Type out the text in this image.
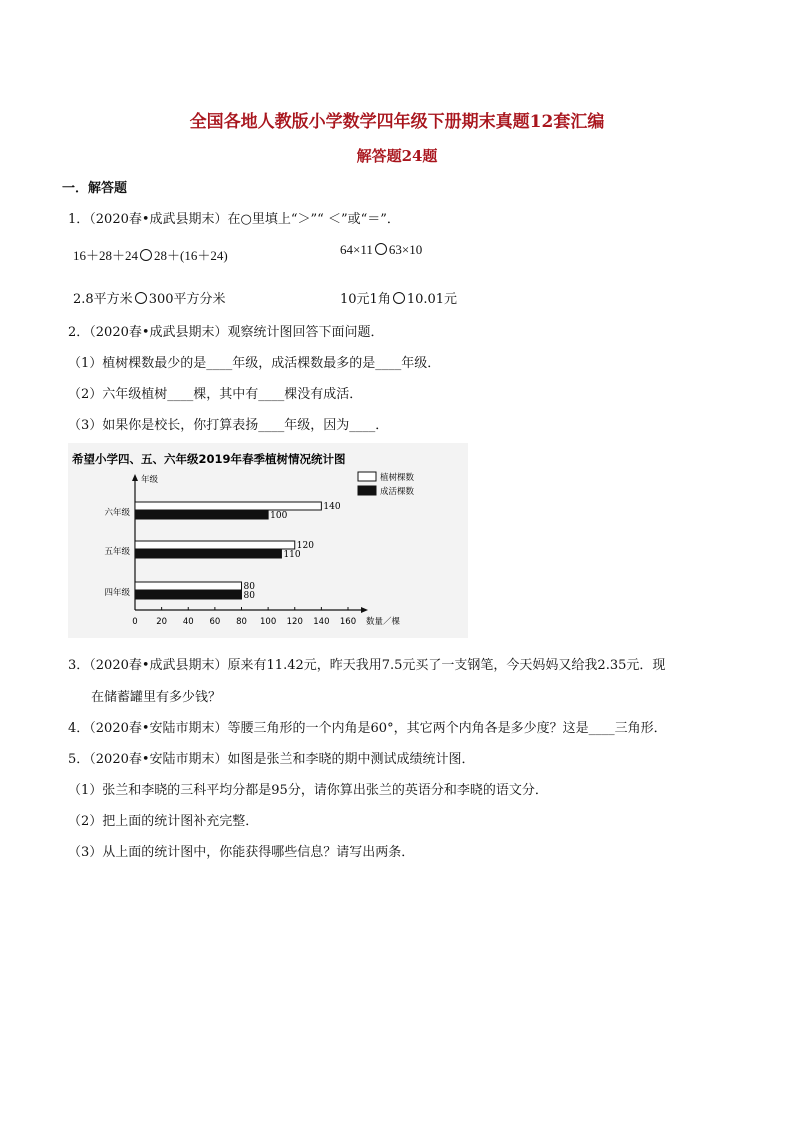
全国各地人教版小学数学四年级下册期末真题12套汇编
解答题24题
一．解答题
1．（2020春•成武县期末）在○里填上“＞”“ ＜”或“＝”．
16＋28＋24 28＋(16＋24)	64×11 63×10
2.8平方米 300平方分米	10元1角 10.01元
2．（2020春•成武县期末）观察统计图回答下面问题．
（1）植树棵数最少的是____年级，成活棵数最多的是____年级．
（2）六年级植树____棵，其中有____棵没有成活．
（3）如果你是校长，你打算表扬____年级，因为____．
希望小学四、五、六年级2019年春季植树情况统计图
年级
数量／棵
0 20 40 60 80 100 120 140 160
六年级
140
100
五年级
120
110
四年级
80
80
植树棵数
成活棵数
3．（2020春•成武县期末）原来有11.42元，昨天我用7.5元买了一支钢笔，今天妈妈又给我2.35元．现
在储蓄罐里有多少钱？
4．（2020春•安陆市期末）等腰三角形的一个内角是60°，其它两个内角各是多少度？这是____三角形．
5．（2020春•安陆市期末）如图是张兰和李晓的期中测试成绩统计图．
（1）张兰和李晓的三科平均分都是95分，请你算出张兰的英语分和李晓的语文分．
（2）把上面的统计图补充完整．
（3）从上面的统计图中，你能获得哪些信息？请写出两条．
